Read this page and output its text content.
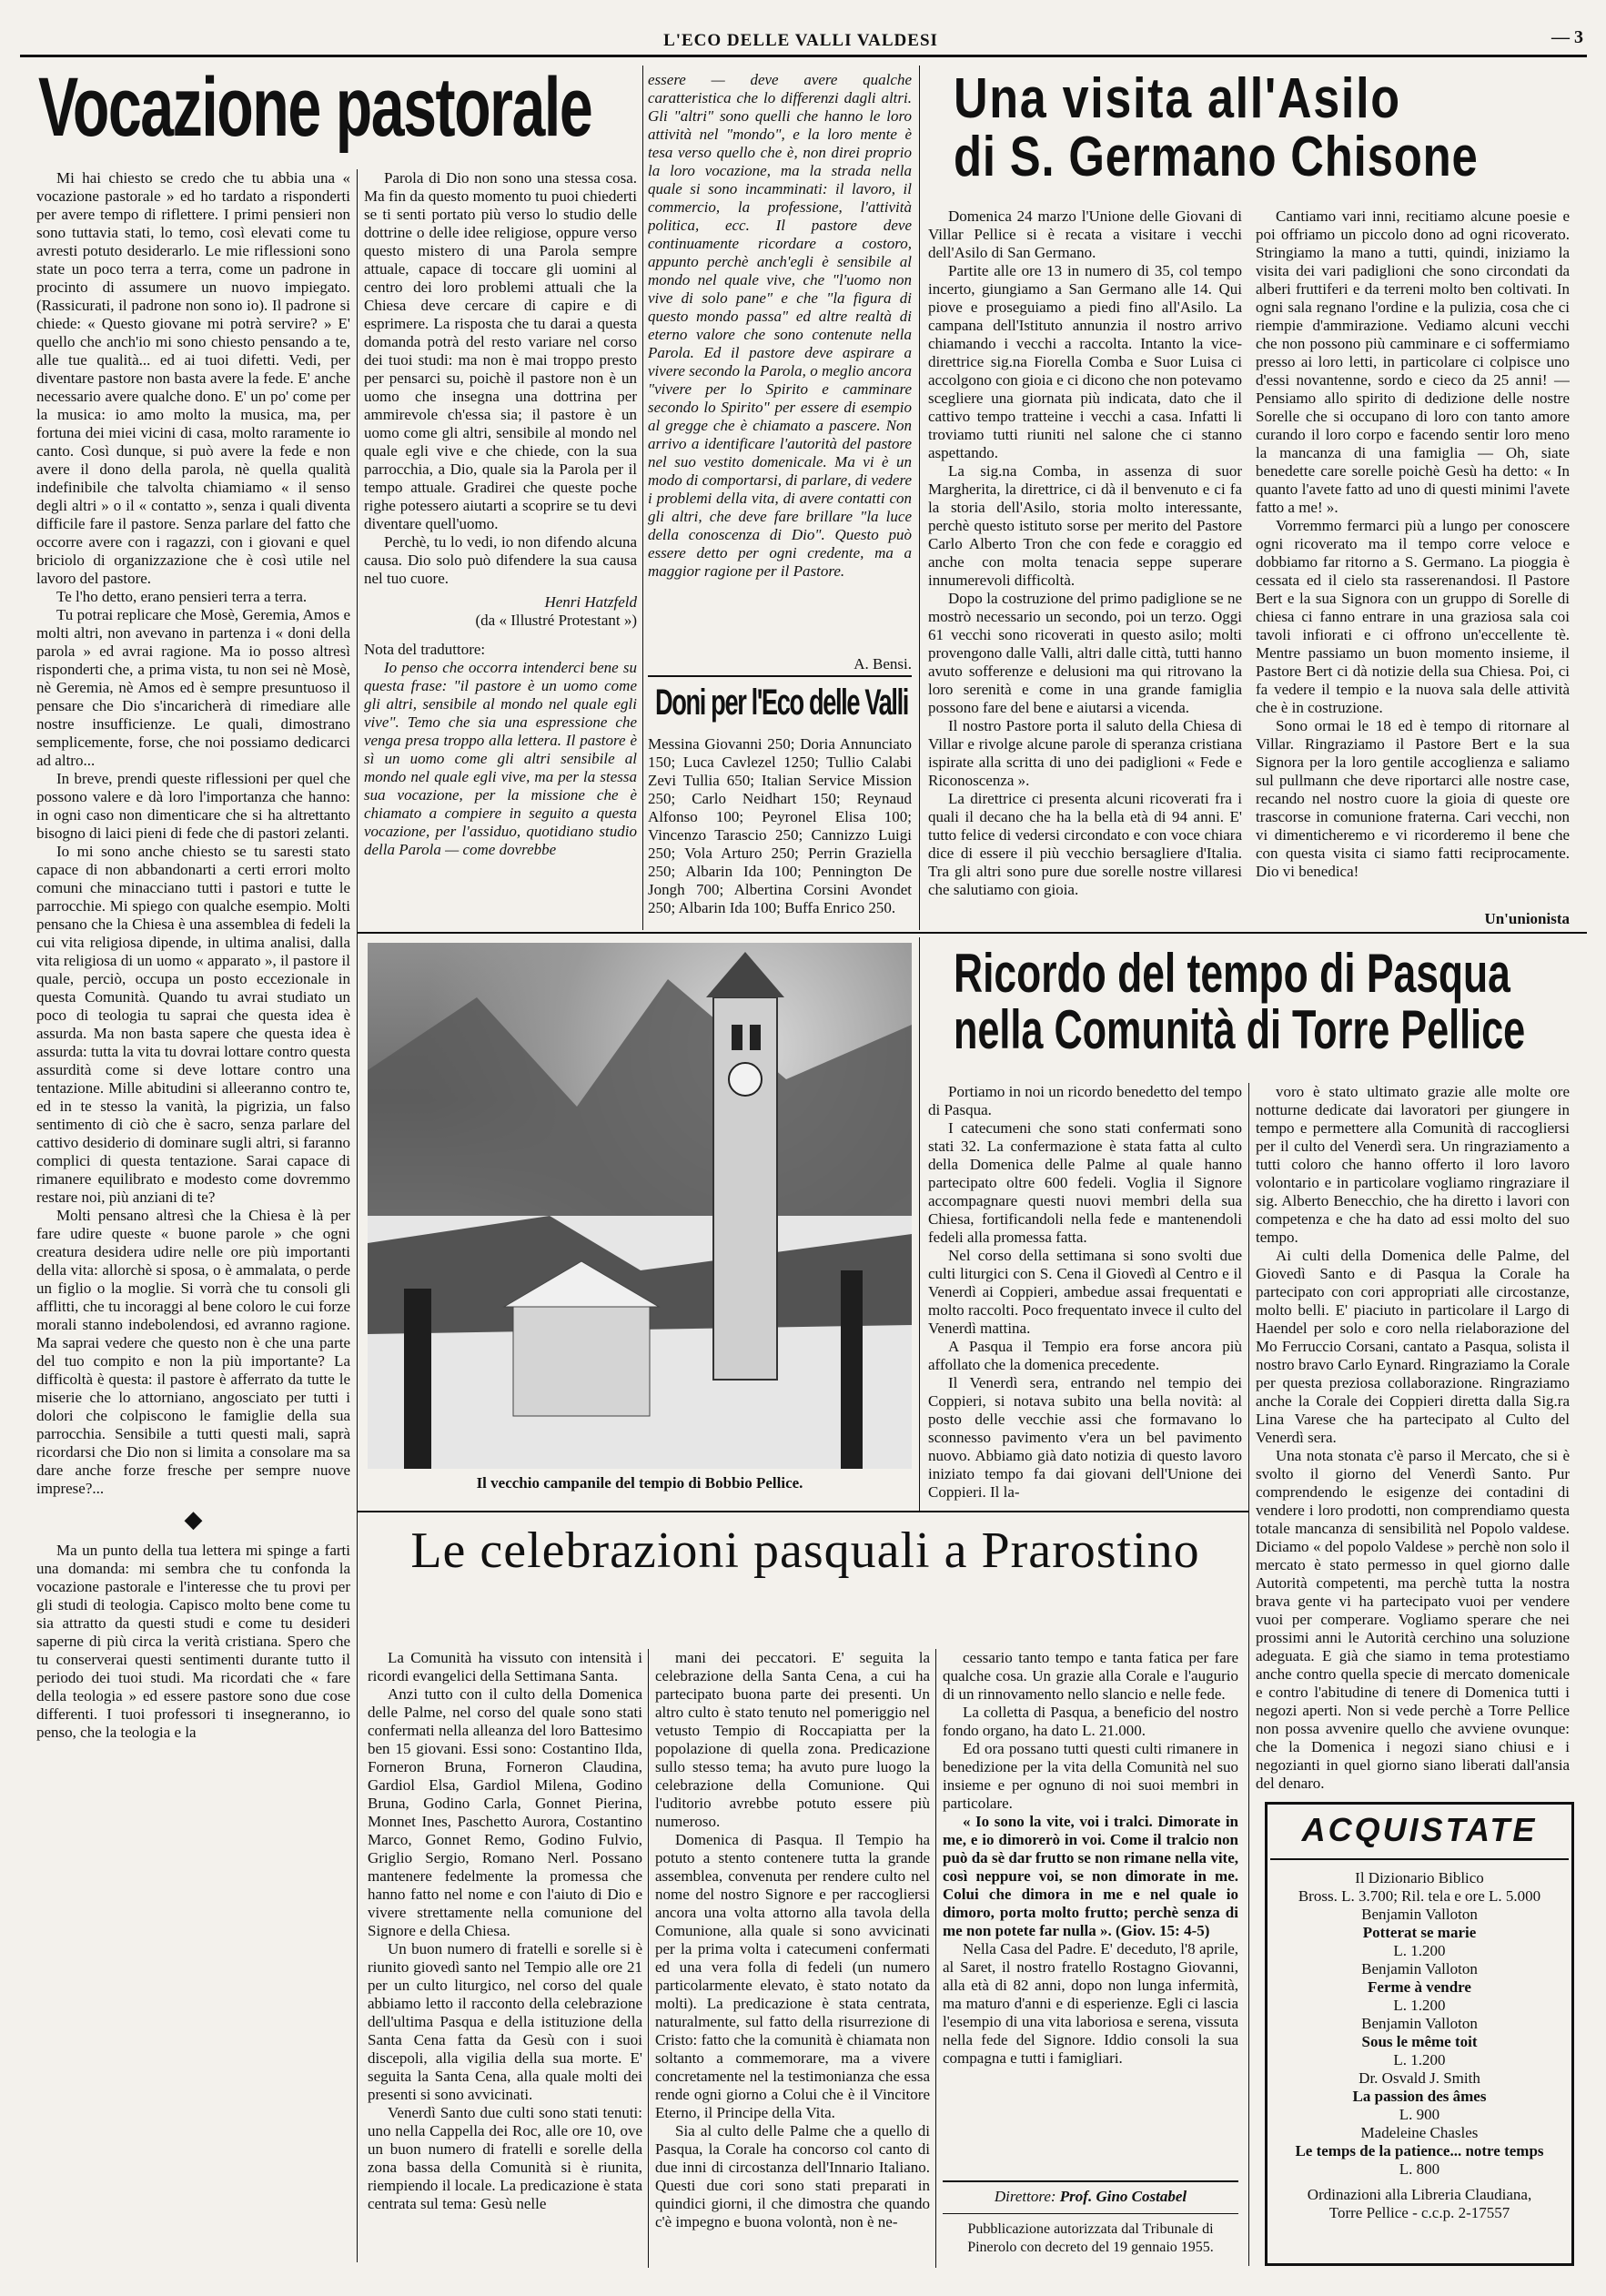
L'ECO DELLE VALLI VALDESI	— 3
Vocazione pastorale

Mi hai chiesto se credo che tu abbia una « vocazione pastorale » ed ho tardato a risponderti per avere tempo di riflettere. I primi pensieri non sono tuttavia stati, lo temo, così elevati come tu avresti potuto desiderarlo. Le mie riflessioni sono state un poco terra a terra, come un padrone in procinto di assumere un nuovo impiegato. (Rassicurati, il padrone non sono io). Il padrone si chiede: « Questo giovane mi potrà servire? » E' quello che anch'io mi sono chiesto pensando a te, alle tue qualità... ed ai tuoi difetti. Vedi, per diventare pastore non basta avere la fede. E' anche necessario avere qualche dono. E' un po' come per la musica: io amo molto la musica, ma, per fortuna dei miei vicini di casa, molto raramente io canto. Così dunque, si può avere la fede e non avere il dono della parola, nè quella qualità indefinibile che talvolta chiamiamo « il senso degli altri » o il « contatto », senza i quali diventa difficile fare il pastore. Senza parlare del fatto che occorre avere con i ragazzi, con i giovani e quel briciolo di organizzazione che è così utile nel lavoro del pastore.

Te l'ho detto, erano pensieri terra a terra.

Tu potrai replicare che Mosè, Geremia, Amos e molti altri, non avevano in partenza i « doni della parola » ed avrai ragione. Ma io posso altresì risponderti che, a prima vista, tu non sei nè Mosè, nè Geremia, nè Amos ed è sempre presuntuoso il pensare che Dio s'incaricherà di rimediare alle nostre insufficienze. Le quali, dimostrano semplicemente, forse, che noi possiamo dedicarci ad altro...

In breve, prendi queste riflessioni per quel che possono valere e dà loro l'importanza che hanno: in ogni caso non dimenticare che si ha altrettanto bisogno di laici pieni di fede che di pastori zelanti.

Io mi sono anche chiesto se tu saresti stato capace di non abbandonarti a certi errori molto comuni che minacciano tutti i pastori e tutte le parrocchie. Mi spiego con qualche esempio. Molti pensano che la Chiesa è una assemblea di fedeli la cui vita religiosa dipende, in ultima analisi, dalla vita religiosa di un uomo « apparato », il pastore il quale, perciò, occupa un posto eccezionale in questa Comunità. Quando tu avrai studiato un poco di teologia tu saprai che questa idea è assurda. Ma non basta sapere che questa idea è assurda: tutta la vita tu dovrai lottare contro questa assurdità come si deve lottare contro una tentazione. Mille abitudini si alleeranno contro te, ed in te stesso la vanità, la pigrizia, un falso sentimento di ciò che è sacro, senza parlare del cattivo desiderio di dominare sugli altri, si faranno complici di questa tentazione. Sarai capace di rimanere equilibrato e modesto come dovremmo restare noi, più anziani di te?

Molti pensano altresì che la Chiesa è là per fare udire queste « buone parole » che ogni creatura desidera udire nelle ore più importanti della vita: allorchè si sposa, o è ammalata, o perde un figlio o la moglie. Si vorrà che tu consoli gli afflitti, che tu incoraggi al bene coloro le cui forze morali stanno indebolendosi, ed avranno ragione. Ma saprai vedere che questo non è che una parte del tuo compito e non la più importante? La difficoltà è questa: il pastore è afferrato da tutte le miserie che lo attorniano, angosciato per tutti i dolori che colpiscono le famiglie della sua parrocchia. Sensibile a tutti questi mali, saprà ricordarsi che Dio non si limita a consolare ma sa dare anche forze fresche per sempre nuove imprese?...

◆

Ma un punto della tua lettera mi spinge a farti una domanda: mi sembra che tu confonda la vocazione pastorale e l'interesse che tu provi per gli studi di teologia. Capisco molto bene come tu sia attratto da questi studi e come tu desideri saperne di più circa la verità cristiana. Spero che tu conserverai questi sentimenti durante tutto il periodo dei tuoi studi. Ma ricordati che « fare della teologia » ed essere pastore sono due cose differenti. I tuoi professori ti insegneranno, io penso, che la teologia e la

Parola di Dio non sono una stessa cosa. Ma fin da questo momento tu puoi chiederti se ti senti portato più verso lo studio delle dottrine o delle idee religiose, oppure verso questo mistero di una Parola sempre attuale, capace di toccare gli uomini al centro dei loro problemi attuali che la Chiesa deve cercare di capire e di esprimere. La risposta che tu darai a questa domanda potrà del resto variare nel corso dei tuoi studi: ma non è mai troppo presto per pensarci su, poichè il pastore non è un uomo che insegna una dottrina per ammirevole ch'essa sia; il pastore è un uomo come gli altri, sensibile al mondo nel quale egli vive e che chiede, con la sua parrocchia, a Dio, quale sia la Parola per il tempo attuale. Gradirei che queste poche righe potessero aiutarti a scoprire se tu devi diventare quell'uomo.

Perchè, tu lo vedi, io non difendo alcuna causa. Dio solo può difendere la sua causa nel tuo cuore.

Henri Hatzfeld
(da « Illustré Protestant »)
Nota del traduttore:

Io penso che occorra intenderci bene su questa frase: "il pastore è un uomo come gli altri, sensibile al mondo nel quale egli vive". Temo che sia una espressione che venga presa troppo alla lettera. Il pastore è sì un uomo come gli altri sensibile al mondo nel quale egli vive, ma per la stessa sua vocazione, per la missione che è chiamato a compiere in seguito a questa vocazione, per l'assiduo, quotidiano studio della Parola — come dovrebbe

essere — deve avere qualche caratteristica che lo differenzi dagli altri. Gli "altri" sono quelli che hanno le loro attività nel "mondo", e la loro mente è tesa verso quello che è, non direi proprio la loro vocazione, ma la strada nella quale si sono incamminati: il lavoro, il commercio, la professione, l'attività politica, ecc. Il pastore deve continuamente ricordare a costoro, appunto perchè anch'egli è sensibile al mondo nel quale vive, che "l'uomo non vive di solo pane" e che "la figura di questo mondo passa" ed altre realtà di eterno valore che sono contenute nella Parola. Ed il pastore deve aspirare a vivere secondo la Parola, o meglio ancora "vivere per lo Spirito e camminare secondo lo Spirito" per essere di esempio al gregge che è chiamato a pascere. Non arrivo a identificare l'autorità del pastore nel suo vestito domenicale. Ma vi è un modo di comportarsi, di parlare, di vedere i problemi della vita, di avere contatti con gli altri, che deve fare brillare "la luce della conoscenza di Dio". Questo può essere detto per ogni credente, ma a maggior ragione per il Pastore.

A. Bensi.
Doni per l'Eco delle Valli
Messina Giovanni 250; Doria Annunciato 150; Luca Cavlezel 1250; Tullio Calabi Zevi Tullia 650; Italian Service Mission 250; Carlo Neidhart 150; Reynaud Alfonso 100; Peyronel Elisa 100; Vincenzo Tarascio 250; Cannizzo Luigi 250; Vola Arturo 250; Perrin Graziella 250; Albarin Ida 100; Pennington De Jongh 700; Albertina Corsini Avondet 250; Albarin Ida 100; Buffa Enrico 250.
Una visita all'Asilo
di S. Germano Chisone

Domenica 24 marzo l'Unione delle Giovani di Villar Pellice si è recata a visitare i vecchi dell'Asilo di San Germano.

Partite alle ore 13 in numero di 35, col tempo incerto, giungiamo a San Germano alle 14. Qui piove e proseguiamo a piedi fino all'Asilo. La campana dell'Istituto annunzia il nostro arrivo chiamando i vecchi a raccolta. Intanto la vice-direttrice sig.na Fiorella Comba e Suor Luisa ci accolgono con gioia e ci dicono che non potevamo scegliere una giornata più indicata, dato che il cattivo tempo tratteine i vecchi a casa. Infatti li troviamo tutti riuniti nel salone che ci stanno aspettando.

La sig.na Comba, in assenza di suor Margherita, la direttrice, ci dà il benvenuto e ci fa la storia dell'Asilo, storia molto interessante, perchè questo istituto sorse per merito del Pastore Carlo Alberto Tron che con fede e coraggio ed anche con molta tenacia seppe superare innumerevoli difficoltà.

Dopo la costruzione del primo padiglione se ne mostrò necessario un secondo, poi un terzo. Oggi 61 vecchi sono ricoverati in questo asilo; molti provengono dalle Valli, altri dalle città, tutti hanno avuto sofferenze e delusioni ma qui ritrovano la loro serenità e come in una grande famiglia possono fare del bene e aiutarsi a vicenda.

Il nostro Pastore porta il saluto della Chiesa di Villar e rivolge alcune parole di speranza cristiana ispirate alla scritta di uno dei padiglioni « Fede e Riconoscenza ».

La direttrice ci presenta alcuni ricoverati fra i quali il decano che ha la bella età di 94 anni. E' tutto felice di vedersi circondato e con voce chiara dice di essere il più vecchio bersagliere d'Italia. Tra gli altri sono pure due sorelle nostre villaresi che salutiamo con gioia.

Cantiamo vari inni, recitiamo alcune poesie e poi offriamo un piccolo dono ad ogni ricoverato. Stringiamo la mano a tutti, quindi, iniziamo la visita dei vari padiglioni che sono circondati da alberi fruttiferi e da terreni molto ben coltivati. In ogni sala regnano l'ordine e la pulizia, cosa che ci riempie d'ammirazione. Vediamo alcuni vecchi che non possono più camminare e ci soffermiamo presso ai loro letti, in particolare ci colpisce uno d'essi novantenne, sordo e cieco da 25 anni! — Pensiamo allo spirito di dedizione delle nostre Sorelle che si occupano di loro con tanto amore curando il loro corpo e facendo sentir loro meno la mancanza di una famiglia — Oh, siate benedette care sorelle poichè Gesù ha detto: « In quanto l'avete fatto ad uno di questi minimi l'avete fatto a me! ».

Vorremmo fermarci più a lungo per conoscere ogni ricoverato ma il tempo corre veloce e dobbiamo far ritorno a S. Germano. La pioggia è cessata ed il cielo sta rasserenandosi. Il Pastore Bert e la sua Signora con un gruppo di Sorelle di chiesa ci fanno entrare in una graziosa sala coi tavoli infiorati e ci offrono un'eccellente tè. Mentre passiamo un buon momento insieme, il Pastore Bert ci dà notizie della sua Chiesa. Poi, ci fa vedere il tempio e la nuova sala delle attività che è in costruzione.

Sono ormai le 18 ed è tempo di ritornare al Villar. Ringraziamo il Pastore Bert e la sua Signora per la loro gentile accoglienza e saliamo sul pullmann che deve riportarci alle nostre case, recando nel nostro cuore la gioia di queste ore trascorse in comunione fraterna. Cari vecchi, non vi dimenticheremo e vi ricorderemo il bene che con questa visita ci siamo fatti reciprocamente. Dio vi benedica!

Un'unionista
Il vecchio campanile del tempio di Bobbio Pellice.
Ricordo del tempo di Pasqua
nella Comunità di Torre Pellice

Portiamo in noi un ricordo benedetto del tempo di Pasqua.

I catecumeni che sono stati confermati sono stati 32. La confermazione è stata fatta al culto della Domenica delle Palme al quale hanno partecipato oltre 600 fedeli. Voglia il Signore accompagnare questi nuovi membri della sua Chiesa, fortificandoli nella fede e mantenendoli fedeli alla promessa fatta.

Nel corso della settimana si sono svolti due culti liturgici con S. Cena il Giovedì al Centro e il Venerdì ai Coppieri, ambedue assai frequentati e molto raccolti. Poco frequentato invece il culto del Venerdì mattina.

A Pasqua il Tempio era forse ancora più affollato che la domenica precedente.

Il Venerdì sera, entrando nel tempio dei Coppieri, si notava subito una bella novità: al posto delle vecchie assi che formavano lo sconnesso pavimento v'era un bel pavimento nuovo. Abbiamo già dato notizia di questo lavoro iniziato tempo fa dai giovani dell'Unione dei Coppieri. Il la-

voro è stato ultimato grazie alle molte ore notturne dedicate dai lavoratori per giungere in tempo e permettere alla Comunità di raccogliersi per il culto del Venerdì sera. Un ringraziamento a tutti coloro che hanno offerto il loro lavoro volontario e in particolare vogliamo ringraziare il sig. Alberto Benecchio, che ha diretto i lavori con competenza e che ha dato ad essi molto del suo tempo.

Ai culti della Domenica delle Palme, del Giovedì Santo e di Pasqua la Corale ha partecipato con cori appropriati alle circostanze, molto belli. E' piaciuto in particolare il Largo di Haendel per solo e coro nella rielaborazione del Mo Ferruccio Corsani, cantato a Pasqua, solista il nostro bravo Carlo Eynard. Ringraziamo la Corale per questa preziosa collaborazione. Ringraziamo anche la Corale dei Coppieri diretta dalla Sig.ra Lina Varese che ha partecipato al Culto del Venerdì sera.

Una nota stonata c'è parso il Mercato, che si è svolto il giorno del Venerdì Santo. Pur comprendendo le esigenze dei contadini di vendere i loro prodotti, non comprendiamo questa totale mancanza di sensibilità nel Popolo valdese. Diciamo « del popolo Valdese » perchè non solo il mercato è stato permesso in quel giorno dalle Autorità competenti, ma perchè tutta la nostra brava gente vi ha partecipato vuoi per vendere vuoi per comperare. Vogliamo sperare che nei prossimi anni le Autorità cerchino una soluzione adeguata. E già che siamo in tema protestiamo anche contro quella specie di mercato domenicale e contro l'abitudine di tenere di Domenica tutti i negozi aperti. Non si vede perchè a Torre Pellice non possa avvenire quello che avviene ovunque: che la Domenica i negozi siano chiusi e i negozianti in quel giorno siano liberati dall'ansia del denaro.

Le celebrazioni pasquali a Prarostino

La Comunità ha vissuto con intensità i ricordi evangelici della Settimana Santa.

Anzi tutto con il culto della Domenica delle Palme, nel corso del quale sono stati confermati nella alleanza del loro Battesimo ben 15 giovani. Essi sono: Costantino Ilda, Forneron Bruna, Forneron Claudina, Gardiol Elsa, Gardiol Milena, Godino Bruna, Godino Carla, Gonnet Pierina, Monnet Ines, Paschetto Aurora, Costantino Marco, Gonnet Remo, Godino Fulvio, Griglio Sergio, Romano Nerl. Possano mantenere fedelmente la promessa che hanno fatto nel nome e con l'aiuto di Dio e vivere strettamente nella comunione del Signore e della Chiesa.

Un buon numero di fratelli e sorelle si è riunito giovedì santo nel Tempio alle ore 21 per un culto liturgico, nel corso del quale abbiamo letto il racconto della celebrazione dell'ultima Pasqua e della istituzione della Santa Cena fatta da Gesù con i suoi discepoli, alla vigilia della sua morte. E' seguita la Santa Cena, alla quale molti dei presenti si sono avvicinati.

Venerdì Santo due culti sono stati tenuti: uno nella Cappella dei Roc, alle ore 10, ove un buon numero di fratelli e sorelle della zona bassa della Comunità si è riunita, riempiendo il locale. La predicazione è stata centrata sul tema: Gesù nelle

mani dei peccatori. E' seguita la celebrazione della Santa Cena, a cui ha partecipato buona parte dei presenti. Un altro culto è stato tenuto nel pomeriggio nel vetusto Tempio di Roccapiatta per la popolazione di quella zona. Predicazione sullo stesso tema; ha avuto pure luogo la celebrazione della Comunione. Qui l'uditorio avrebbe potuto essere più numeroso.

Domenica di Pasqua. Il Tempio ha potuto a stento contenere tutta la grande assemblea, convenuta per rendere culto nel nome del nostro Signore e per raccogliersi ancora una volta attorno alla tavola della Comunione, alla quale si sono avvicinati per la prima volta i catecumeni confermati ed una vera folla di fedeli (un numero particolarmente elevato, è stato notato da molti). La predicazione è stata centrata, naturalmente, sul fatto della risurrezione di Cristo: fatto che la comunità è chiamata non soltanto a commemorare, ma a vivere concretamente nel la testimonianza che essa rende ogni giorno a Colui che è il Vincitore Eterno, il Principe della Vita.

Sia al culto delle Palme che a quello di Pasqua, la Corale ha concorso col canto di due inni di circostanza dell'Innario Italiano. Questi due cori sono stati preparati in quindici giorni, il che dimostra che quando c'è impegno e buona volontà, non è ne-

cessario tanto tempo e tanta fatica per fare qualche cosa. Un grazie alla Corale e l'augurio di un rinnovamento nello slancio e nelle fede.

La colletta di Pasqua, a beneficio del nostro fondo organo, ha dato L. 21.000.

Ed ora possano tutti questi culti rimanere in benedizione per la vita della Comunità nel suo insieme e per ognuno di noi suoi membri in particolare.

« Io sono la vite, voi i tralci. Dimorate in me, e io dimorerò in voi. Come il tralcio non può da sè dar frutto se non rimane nella vite, così neppure voi, se non dimorate in me. Colui che dimora in me e nel quale io dimoro, porta molto frutto; perchè senza di me non potete far nulla ». (Giov. 15: 4-5)

Nella Casa del Padre. E' deceduto, l'8 aprile, al Saret, il nostro fratello Rostagno Giovanni, alla età di 82 anni, dopo non lunga infermità, ma maturo d'anni e di esperienze. Egli ci lascia l'esempio di una vita laboriosa e serena, vissuta nella fede del Signore. Iddio consoli la sua compagna e tutti i famigliari.

Direttore: Prof. Gino Costabel
Pubblicazione autorizzata dal Tribunale di Pinerolo con decreto del 19 gennaio 1955.
ACQUISTATE
Il Dizionario Biblico
Bross. L. 3.700; Ril. tela e ore L. 5.000
Benjamin Valloton
Potterat se marie
L. 1.200
Benjamin Valloton
Ferme à vendre
L. 1.200
Benjamin Valloton
Sous le même toit
L. 1.200
Dr. Osvald J. Smith
La passion des âmes
L. 900
Madeleine Chasles
Le temps de la patience... notre temps
L. 800
Ordinazioni alla Libreria Claudiana,
Torre Pellice - c.c.p. 2-17557
